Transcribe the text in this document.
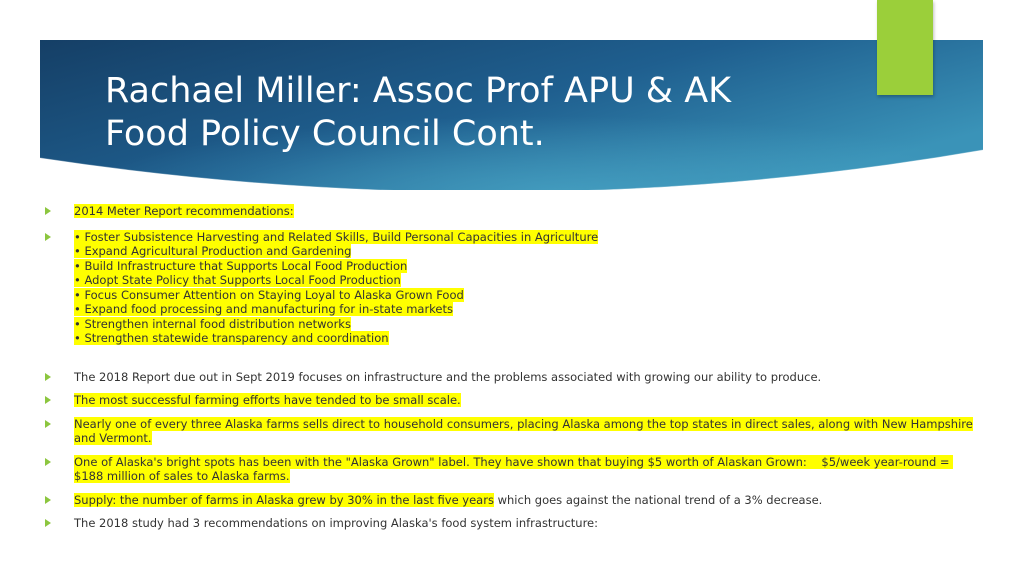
Rachael Miller: Assoc Prof APU & AK
Food Policy Council Cont.
2014 Meter Report recommendations:
• Foster Subsistence Harvesting and Related Skills, Build Personal Capacities in Agriculture
• Expand Agricultural Production and Gardening
• Build Infrastructure that Supports Local Food Production
• Adopt State Policy that Supports Local Food Production
• Focus Consumer Attention on Staying Loyal to Alaska Grown Food
• Expand food processing and manufacturing for in-state markets
• Strengthen internal food distribution networks
• Strengthen statewide transparency and coordination
The 2018 Report due out in Sept 2019 focuses on infrastructure and the problems associated with growing our ability to produce.
The most successful farming efforts have tended to be small scale.
Nearly one of every three Alaska farms sells direct to household consumers, placing Alaska among the top states in direct sales, along with New Hampshire and Vermont.
One of Alaska's bright spots has been with the "Alaska Grown" label. They have shown that buying $5 worth of Alaskan Grown:    $5/week year-round = $188 million of sales to Alaska farms.
Supply: the number of farms in Alaska grew by 30% in the last five years which goes against the national trend of a 3% decrease.
The 2018 study had 3 recommendations on improving Alaska's food system infrastructure:
